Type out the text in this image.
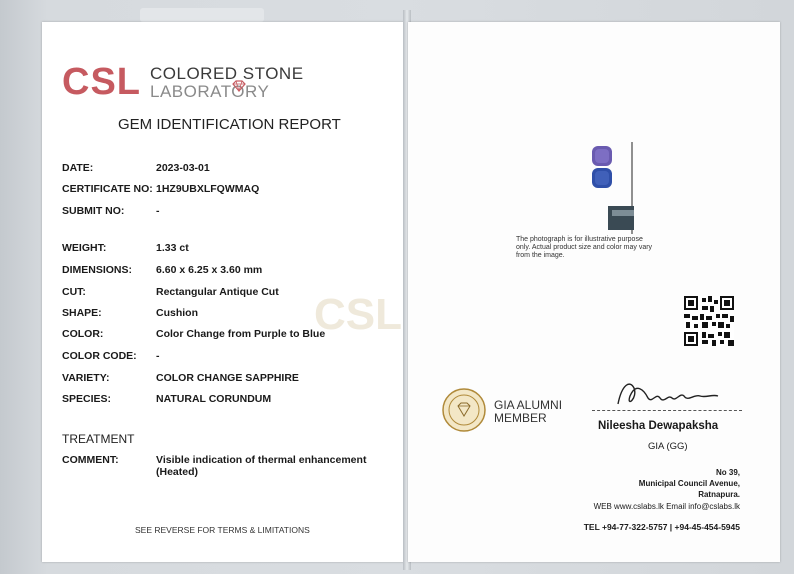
CSL
CSL COLORED STONE
LABORATORY
GEM IDENTIFICATION REPORT
DATE:	2023-03-01
CERTIFICATE NO: 1HZ9UBXLFQWMAQ
SUBMIT NO:	-
WEIGHT:	1.33 ct
DIMENSIONS: 6.60 x 6.25 x 3.60 mm
CUT:	Rectangular Antique Cut
SHAPE:	Cushion
COLOR:	Color Change from Purple to Blue
COLOR CODE: -
VARIETY:	COLOR CHANGE SAPPHIRE
SPECIES:	NATURAL CORUNDUM
TREATMENT
COMMENT:	Visible indication of thermal enhancement (Heated)
SEE REVERSE FOR TERMS & LIMITATIONS
The photograph is for illustrative purpose only. Actual product size and color may vary from the image.
GIA ALUMNI
MEMBER
Nileesha Dewapaksha
GIA (GG)
No 39,
Municipal Council Avenue,
Ratnapura.
WEB www.cslabs.lk Email info@cslabs.lk
TEL +94-77-322-5757 | +94-45-454-5945
